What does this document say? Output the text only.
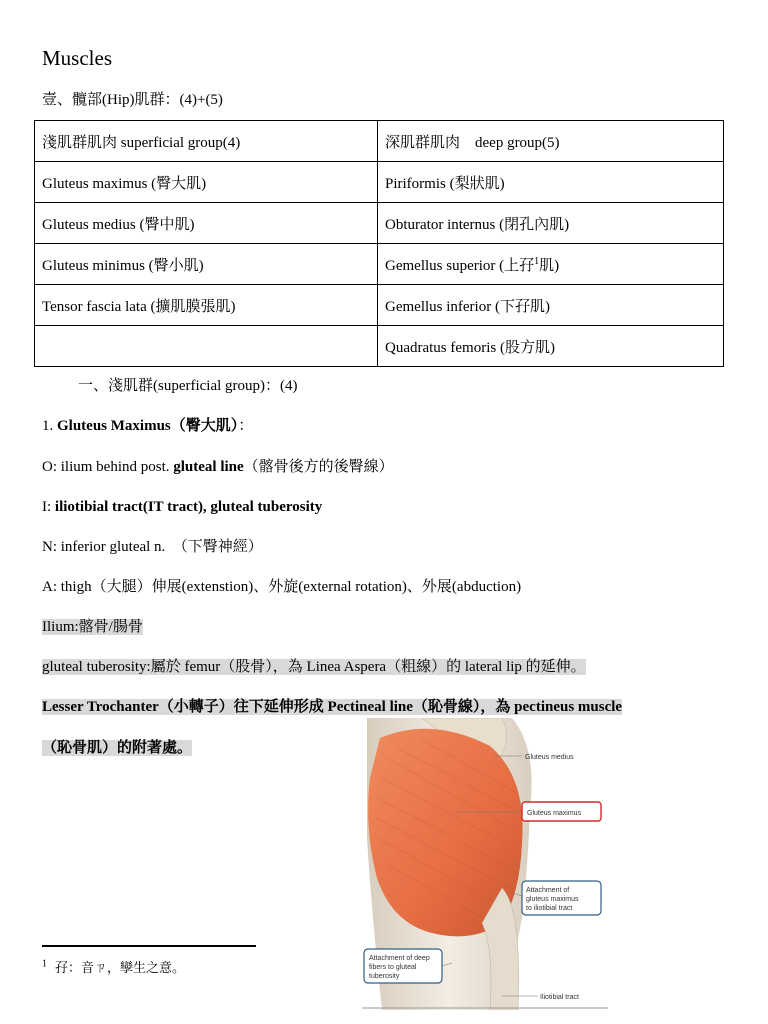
Muscles
壹、髖部(Hip)肌群：(4)+(5)
淺肌群肌肉 superficial group(4)	深肌群肌肉　deep group(5)
Gluteus maximus (臀大肌)	Piriformis (梨狀肌)
Gluteus medius (臀中肌)	Obturator internus (閉孔內肌)
Gluteus minimus (臀小肌)	Gemellus superior (上孖$^1$肌)
Tensor fascia lata (擴肌膜張肌)	Gemellus inferior (下孖肌)
	Quadratus femoris (股方肌)
一、淺肌群(superficial group)：(4)
1. Gluteus Maximus（臀大肌）：
O: ilium behind post. gluteal line（髂骨後方的後臀線）
I: iliotibial tract(IT tract), gluteal tuberosity
N: inferior gluteal n.　（下臀神經）
A: thigh（大腿）伸展(extenstion)、外旋(external rotation)、外展(abduction)
Ilium:髂骨/腸骨
gluteal tuberosity:屬於 femur（股骨），為 Linea Aspera（粗線）的 lateral lip 的延伸。
Lesser Trochanter（小轉子）往下延伸形成 Pectineal line（恥骨線），為 pectineus muscle
（恥骨肌）的附著處。
Gluteus medius
Gluteus maximus
Attachment of
gluteus maximus
to iliotibial tract
Attachment of deep
fibers to gluteal
tuberosity
Iliotibial tract
$^1$ 孖：音ㄗ，孿生之意。
